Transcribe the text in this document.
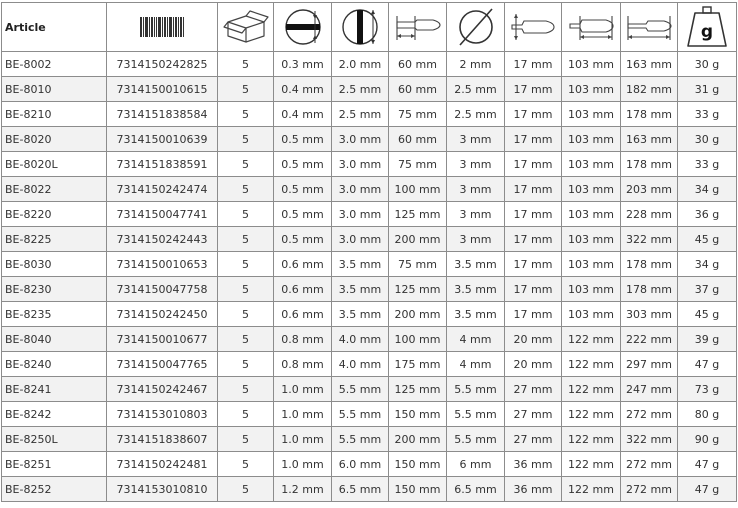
Article										g

BE-8002	7314150242825	5	0.3 mm	2.0 mm	60 mm	2 mm	17 mm	103 mm	163 mm	30 g
BE-8010	7314150010615	5	0.4 mm	2.5 mm	60 mm	2.5 mm	17 mm	103 mm	182 mm	31 g
BE-8210	7314151838584	5	0.4 mm	2.5 mm	75 mm	2.5 mm	17 mm	103 mm	178 mm	33 g
BE-8020	7314150010639	5	0.5 mm	3.0 mm	60 mm	3 mm	17 mm	103 mm	163 mm	30 g
BE-8020L	7314151838591	5	0.5 mm	3.0 mm	75 mm	3 mm	17 mm	103 mm	178 mm	33 g
BE-8022	7314150242474	5	0.5 mm	3.0 mm	100 mm	3 mm	17 mm	103 mm	203 mm	34 g
BE-8220	7314150047741	5	0.5 mm	3.0 mm	125 mm	3 mm	17 mm	103 mm	228 mm	36 g
BE-8225	7314150242443	5	0.5 mm	3.0 mm	200 mm	3 mm	17 mm	103 mm	322 mm	45 g
BE-8030	7314150010653	5	0.6 mm	3.5 mm	75 mm	3.5 mm	17 mm	103 mm	178 mm	34 g
BE-8230	7314150047758	5	0.6 mm	3.5 mm	125 mm	3.5 mm	17 mm	103 mm	178 mm	37 g
BE-8235	7314150242450	5	0.6 mm	3.5 mm	200 mm	3.5 mm	17 mm	103 mm	303 mm	45 g
BE-8040	7314150010677	5	0.8 mm	4.0 mm	100 mm	4 mm	20 mm	122 mm	222 mm	39 g
BE-8240	7314150047765	5	0.8 mm	4.0 mm	175 mm	4 mm	20 mm	122 mm	297 mm	47 g
BE-8241	7314150242467	5	1.0 mm	5.5 mm	125 mm	5.5 mm	27 mm	122 mm	247 mm	73 g
BE-8242	7314153010803	5	1.0 mm	5.5 mm	150 mm	5.5 mm	27 mm	122 mm	272 mm	80 g
BE-8250L	7314151838607	5	1.0 mm	5.5 mm	200 mm	5.5 mm	27 mm	122 mm	322 mm	90 g
BE-8251	7314150242481	5	1.0 mm	6.0 mm	150 mm	6 mm	36 mm	122 mm	272 mm	47 g
BE-8252	7314153010810	5	1.2 mm	6.5 mm	150 mm	6.5 mm	36 mm	122 mm	272 mm	47 g
